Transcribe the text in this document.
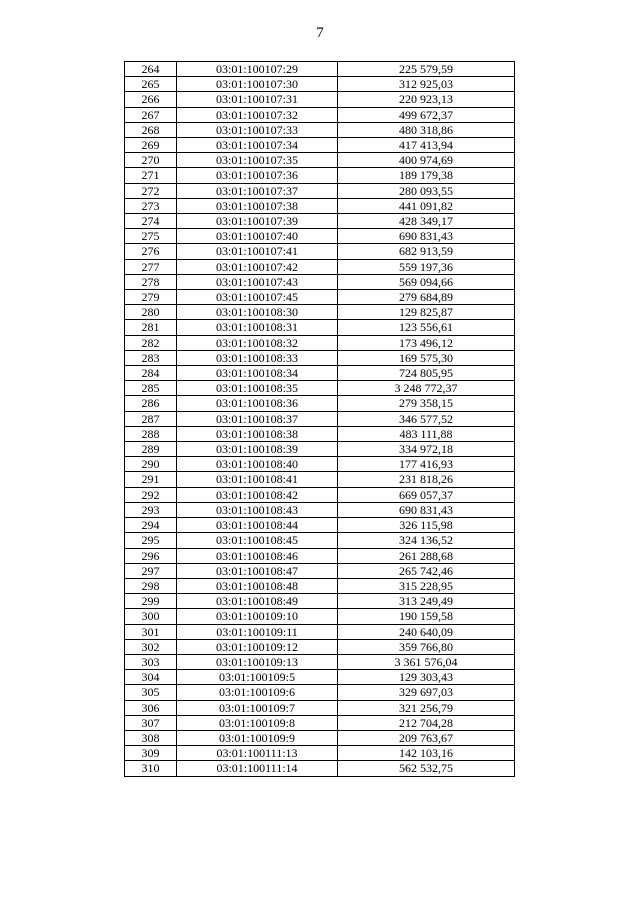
7
264	03:01:100107:29	225 579,59
265	03:01:100107:30	312 925,03
266	03:01:100107:31	220 923,13
267	03:01:100107:32	499 672,37
268	03:01:100107:33	480 318,86
269	03:01:100107:34	417 413,94
270	03:01:100107:35	400 974,69
271	03:01:100107:36	189 179,38
272	03:01:100107:37	280 093,55
273	03:01:100107:38	441 091,82
274	03:01:100107:39	428 349,17
275	03:01:100107:40	690 831,43
276	03:01:100107:41	682 913,59
277	03:01:100107:42	559 197,36
278	03:01:100107:43	569 094,66
279	03:01:100107:45	279 684,89
280	03:01:100108:30	129 825,87
281	03:01:100108:31	123 556,61
282	03:01:100108:32	173 496,12
283	03:01:100108:33	169 575,30
284	03:01:100108:34	724 805,95
285	03:01:100108:35	3 248 772,37
286	03:01:100108:36	279 358,15
287	03:01:100108:37	346 577,52
288	03:01:100108:38	483 111,88
289	03:01:100108:39	334 972,18
290	03:01:100108:40	177 416,93
291	03:01:100108:41	231 818,26
292	03:01:100108:42	669 057,37
293	03:01:100108:43	690 831,43
294	03:01:100108:44	326 115,98
295	03:01:100108:45	324 136,52
296	03:01:100108:46	261 288,68
297	03:01:100108:47	265 742,46
298	03:01:100108:48	315 228,95
299	03:01:100108:49	313 249,49
300	03:01:100109:10	190 159,58
301	03:01:100109:11	240 640,09
302	03:01:100109:12	359 766,80
303	03:01:100109:13	3 361 576,04
304	03:01:100109:5	129 303,43
305	03:01:100109:6	329 697,03
306	03:01:100109:7	321 256,79
307	03:01:100109:8	212 704,28
308	03:01:100109:9	209 763,67
309	03:01:100111:13	142 103,16
310	03:01:100111:14	562 532,75
